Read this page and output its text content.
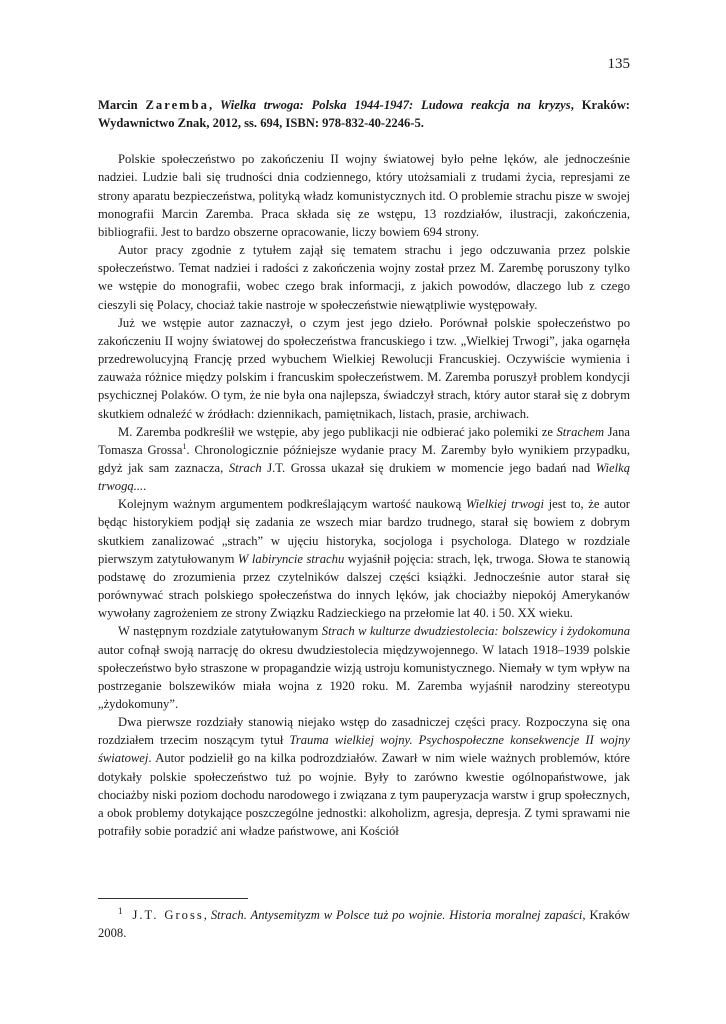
135

Marcin Zaremba, Wielka trwoga: Polska 1944-1947: Ludowa reakcja na kryzys, Kraków: Wydawnictwo Znak, 2012, ss. 694, ISBN: 978-832-40-2246-5.

Polskie społeczeństwo po zakończeniu II wojny światowej było pełne lęków, ale jednocześnie nadziei. Ludzie bali się trudności dnia codziennego, który utożsamiali z trudami życia, represjami ze strony aparatu bezpieczeństwa, polityką władz komunistycznych itd. O problemie strachu pisze w swojej monografii Marcin Zaremba. Praca składa się ze wstępu, 13 rozdziałów, ilustracji, zakończenia, bibliografii. Jest to bardzo obszerne opracowanie, liczy bowiem 694 strony.

Autor pracy zgodnie z tytułem zajął się tematem strachu i jego odczuwania przez polskie społeczeństwo. Temat nadziei i radości z zakończenia wojny został przez M. Zarembę poruszony tylko we wstępie do monografii, wobec czego brak informacji, z jakich powodów, dlaczego lub z czego cieszyli się Polacy, chociaż takie nastroje w społeczeństwie niewątpliwie występowały.

Już we wstępie autor zaznaczył, o czym jest jego dzieło. Porównał polskie społeczeństwo po zakończeniu II wojny światowej do społeczeństwa francuskiego i tzw. „Wielkiej Trwogi”, jaka ogarnęła przedrewolucyjną Francję przed wybuchem Wielkiej Rewolucji Francuskiej. Oczywiście wymienia i zauważa różnice między polskim i francuskim społeczeństwem. M. Zaremba poruszył problem kondycji psychicznej Polaków. O tym, że nie była ona najlepsza, świadczył strach, który autor starał się z dobrym skutkiem odnaleźć w źródłach: dziennikach, pamiętnikach, listach, prasie, archiwach.

M. Zaremba podkreślił we wstępie, aby jego publikacji nie odbierać jako polemiki ze Strachem Jana Tomasza Grossa$^1$. Chronologicznie późniejsze wydanie pracy M. Zaremby było wynikiem przypadku, gdyż jak sam zaznacza, Strach J.T. Grossa ukazał się drukiem w momencie jego badań nad Wielką trwogą....

Kolejnym ważnym argumentem podkreślającym wartość naukową Wielkiej trwogi jest to, że autor będąc historykiem podjął się zadania ze wszech miar bardzo trudnego, starał się bowiem z dobrym skutkiem zanalizować „strach” w ujęciu historyka, socjologa i psychologa. Dlatego w rozdziale pierwszym zatytułowanym W labiryncie strachu wyjaśnił pojęcia: strach, lęk, trwoga. Słowa te stanowią podstawę do zrozumienia przez czytelników dalszej części książki. Jednocześnie autor starał się porównywać strach polskiego społeczeństwa do innych lęków, jak chociażby niepokój Amerykanów wywołany zagrożeniem ze strony Związku Radzieckiego na przełomie lat 40. i 50. XX wieku.

W następnym rozdziale zatytułowanym Strach w kulturze dwudziestolecia: bolszewicy i żydokomuna autor cofnął swoją narrację do okresu dwudziestolecia międzywojennego. W latach 1918–1939 polskie społeczeństwo było straszone w propagandzie wizją ustroju komunistycznego. Niemały w tym wpływ na postrzeganie bolszewików miała wojna z 1920 roku. M. Zaremba wyjaśnił narodziny stereotypu „żydokomuny”.

Dwa pierwsze rozdziały stanowią niejako wstęp do zasadniczej części pracy. Rozpoczyna się ona rozdziałem trzecim noszącym tytuł Trauma wielkiej wojny. Psychospołeczne konsekwencje II wojny światowej. Autor podzielił go na kilka podrozdziałów. Zawarł w nim wiele ważnych problemów, które dotykały polskie społeczeństwo tuż po wojnie. Były to zarówno kwestie ogólnopaństwowe, jak chociażby niski poziom dochodu narodowego i związana z tym pauperyzacja warstw i grup społecznych, a obok problemy dotykające poszczególne jednostki: alkoholizm, agresja, depresja. Z tymi sprawami nie potrafiły sobie poradzić ani władze państwowe, ani Kościół

$^1$ J.T. Gross, Strach. Antysemityzm w Polsce tuż po wojnie. Historia moralnej zapaści, Kraków 2008.
